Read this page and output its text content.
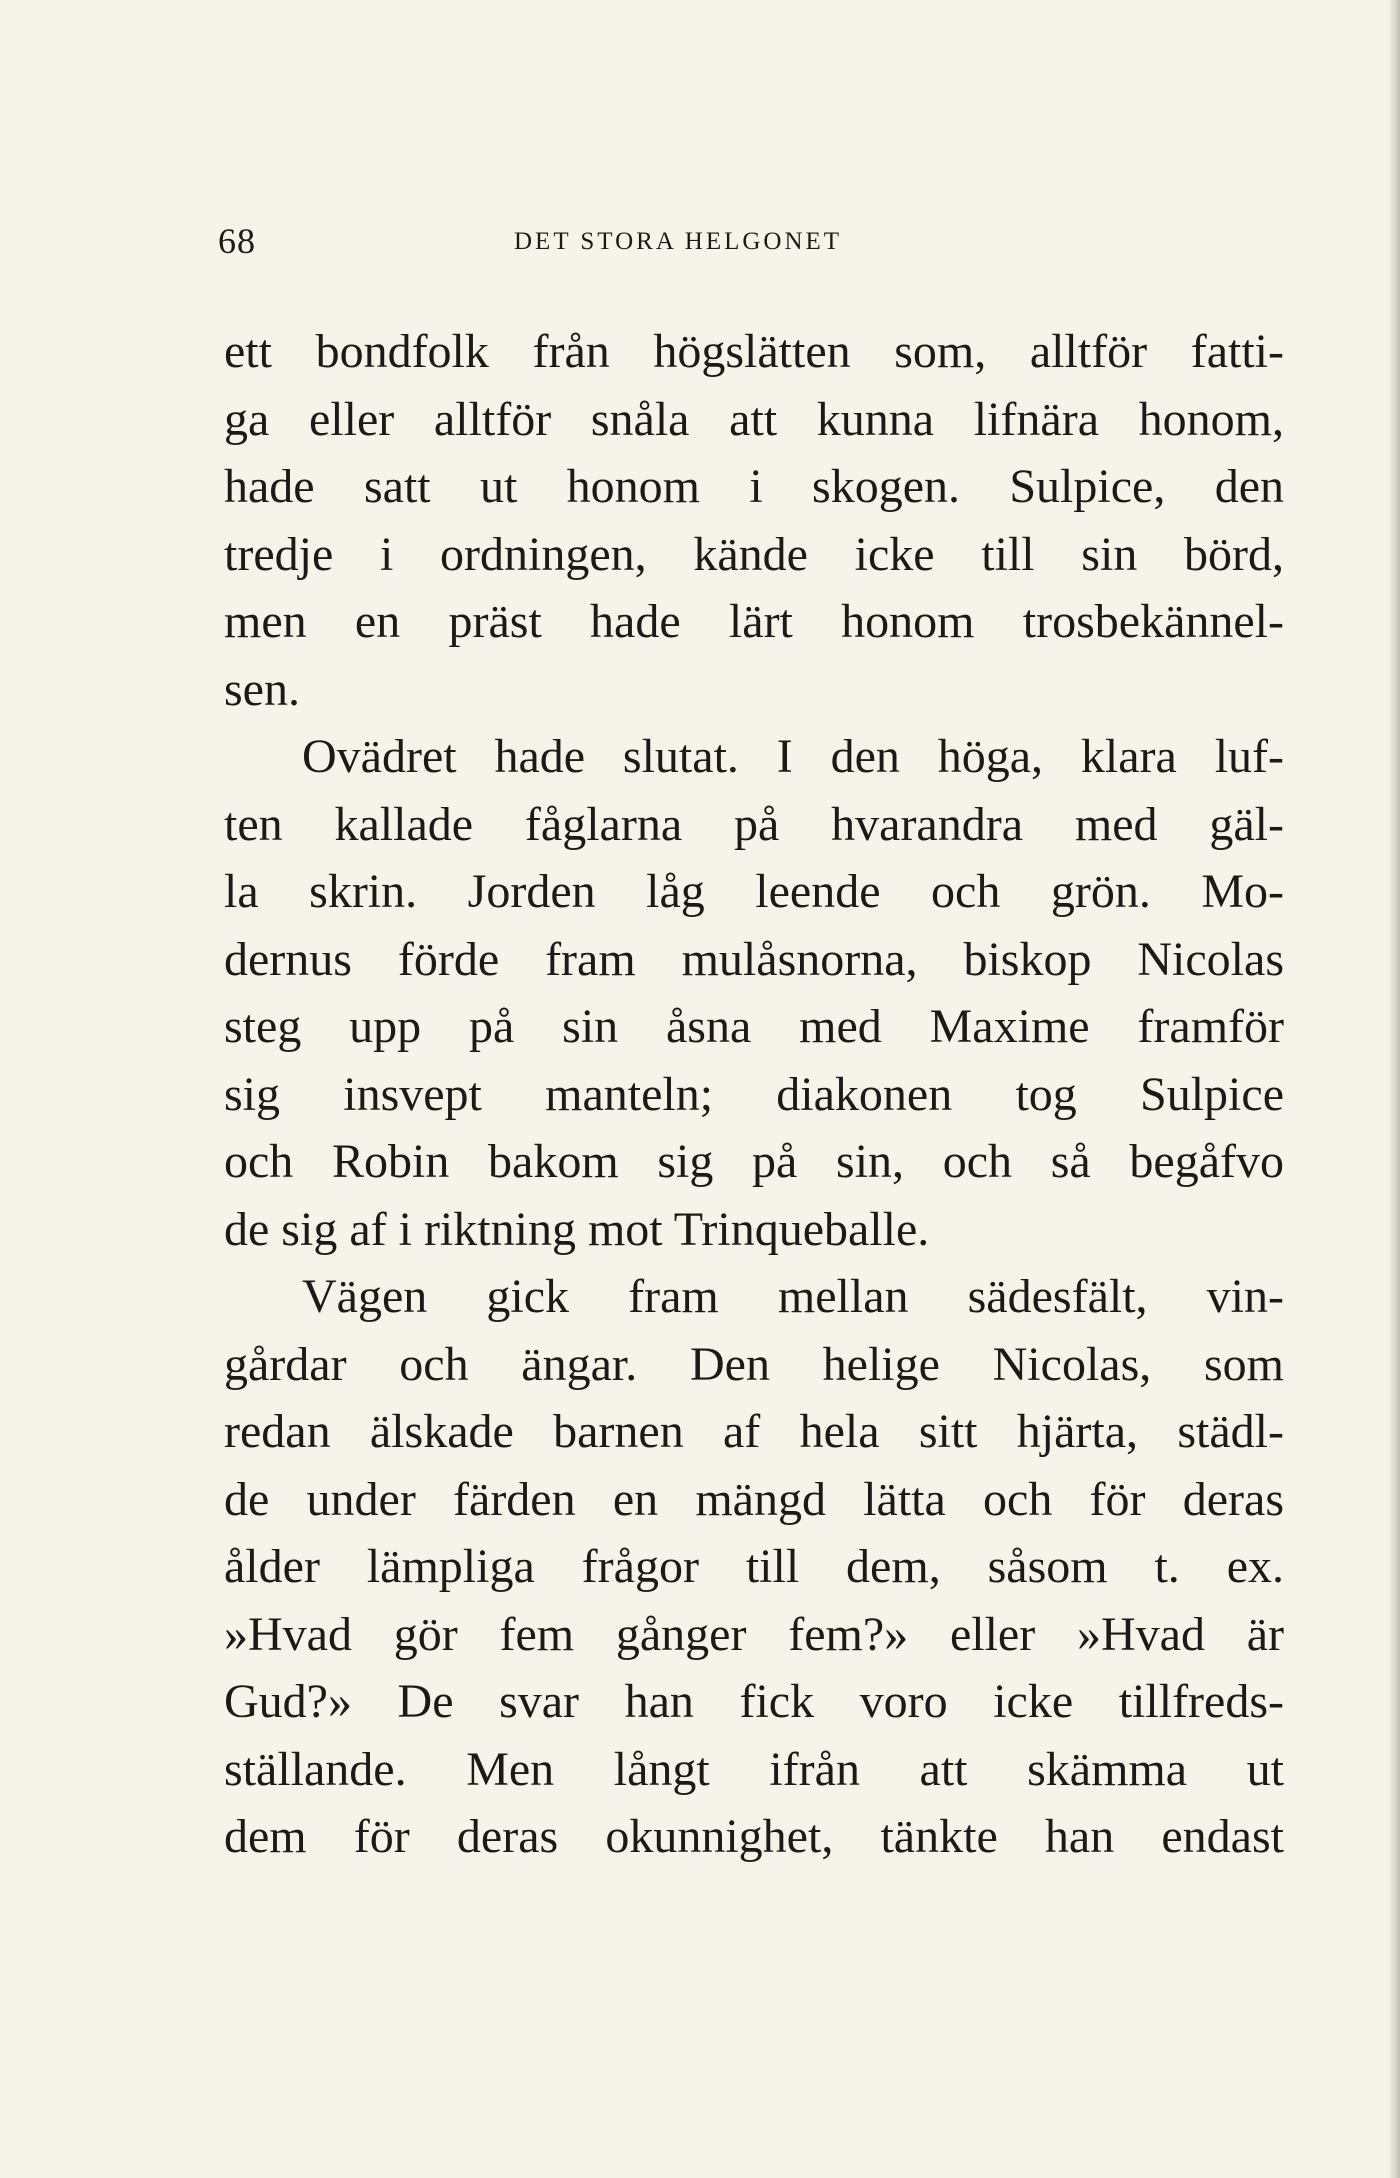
68	DET STORA HELGONET
ett bondfolk från högslätten som, alltför fatti-
ga eller alltför snåla att kunna lifnära honom,
hade satt ut honom i skogen. Sulpice, den
tredje i ordningen, kände icke till sin börd,
men en präst hade lärt honom trosbekännel-
sen.
Ovädret hade slutat. I den höga, klara luf-
ten kallade fåglarna på hvarandra med gäl-
la skrin. Jorden låg leende och grön. Mo-
dernus förde fram mulåsnorna, biskop Nicolas
steg upp på sin åsna med Maxime framför
sig insvept manteln; diakonen tog Sulpice
och Robin bakom sig på sin, och så begåfvo
de sig af i riktning mot Trinqueballe.
Vägen gick fram mellan sädesfält, vin-
gårdar och ängar. Den helige Nicolas, som
redan älskade barnen af hela sitt hjärta, städl-
de under färden en mängd lätta och för deras
ålder lämpliga frågor till dem, såsom t. ex.
»Hvad gör fem gånger fem?» eller »Hvad är
Gud?» De svar han fick voro icke tillfreds-
ställande. Men långt ifrån att skämma ut
dem för deras okunnighet, tänkte han endast
